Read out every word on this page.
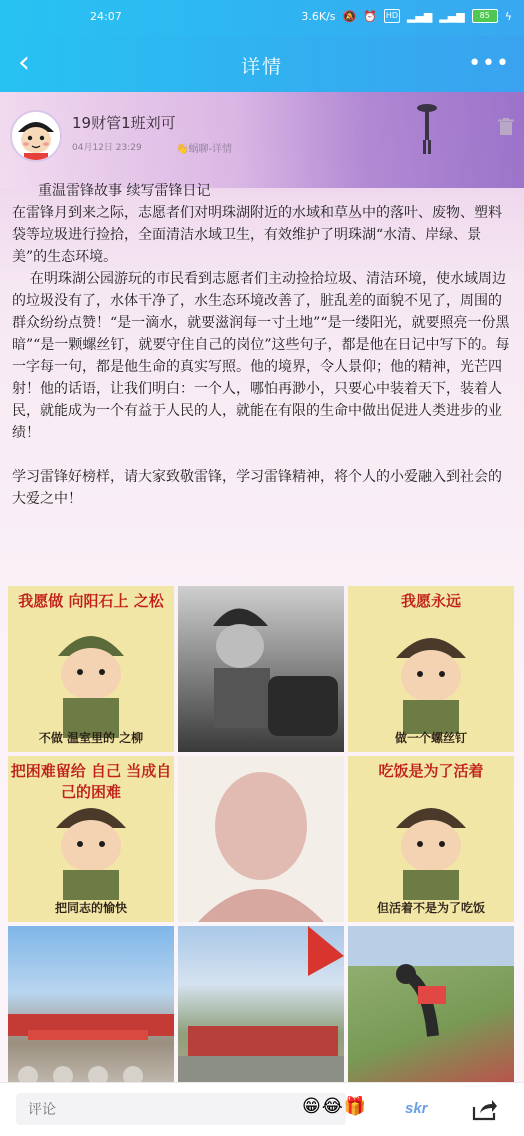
24:07	3.6K/s 🔕 ⏰ HD ▂▄▆ ▂▄▆	85	ϟ
‹	详情	•••
19财管1班刘可
04月12日 23:29	👋蜗聊-详情

重温雷锋故事 续写雷锋日记

在雷锋月到来之际，志愿者们对明珠湖附近的水域和草丛中的落叶、废物、塑料袋等垃圾进行捡拾，全面清洁水域卫生，有效维护了明珠湖“水清、岸绿、景美”的生态环境。

在明珠湖公园游玩的市民看到志愿者们主动捡拾垃圾、清洁环境，使水域周边的垃圾没有了，水体干净了，水生态环境改善了，脏乱差的面貌不见了，周围的群众纷纷点赞！“是一滴水，就要滋润每一寸土地”“是一缕阳光，就要照亮一份黑暗”“是一颗螺丝钉，就要守住自己的岗位”这些句子，都是他在日记中写下的。每一字每一句，都是他生命的真实写照。他的境界，令人景仰；他的精神，光芒四射！他的话语，让我们明白：一个人，哪怕再渺小，只要心中装着天下，装着人民，就能成为一个有益于人民的人，就能在有限的生命中做出促进人类进步的业绩！

学习雷锋好榜样，请大家致敬雷锋，学习雷锋精神，将个人的小爱融入到社会的大爱之中！

我愿做 向阳石上 之松
不做 温室里的 之柳
我愿永远
做一个螺丝钉
把困难留给 自己 当成自己的困难
把同志的愉快
吃饭是为了活着
但活着不是为了吃饭
评论
😁 😂 🎁	skr
